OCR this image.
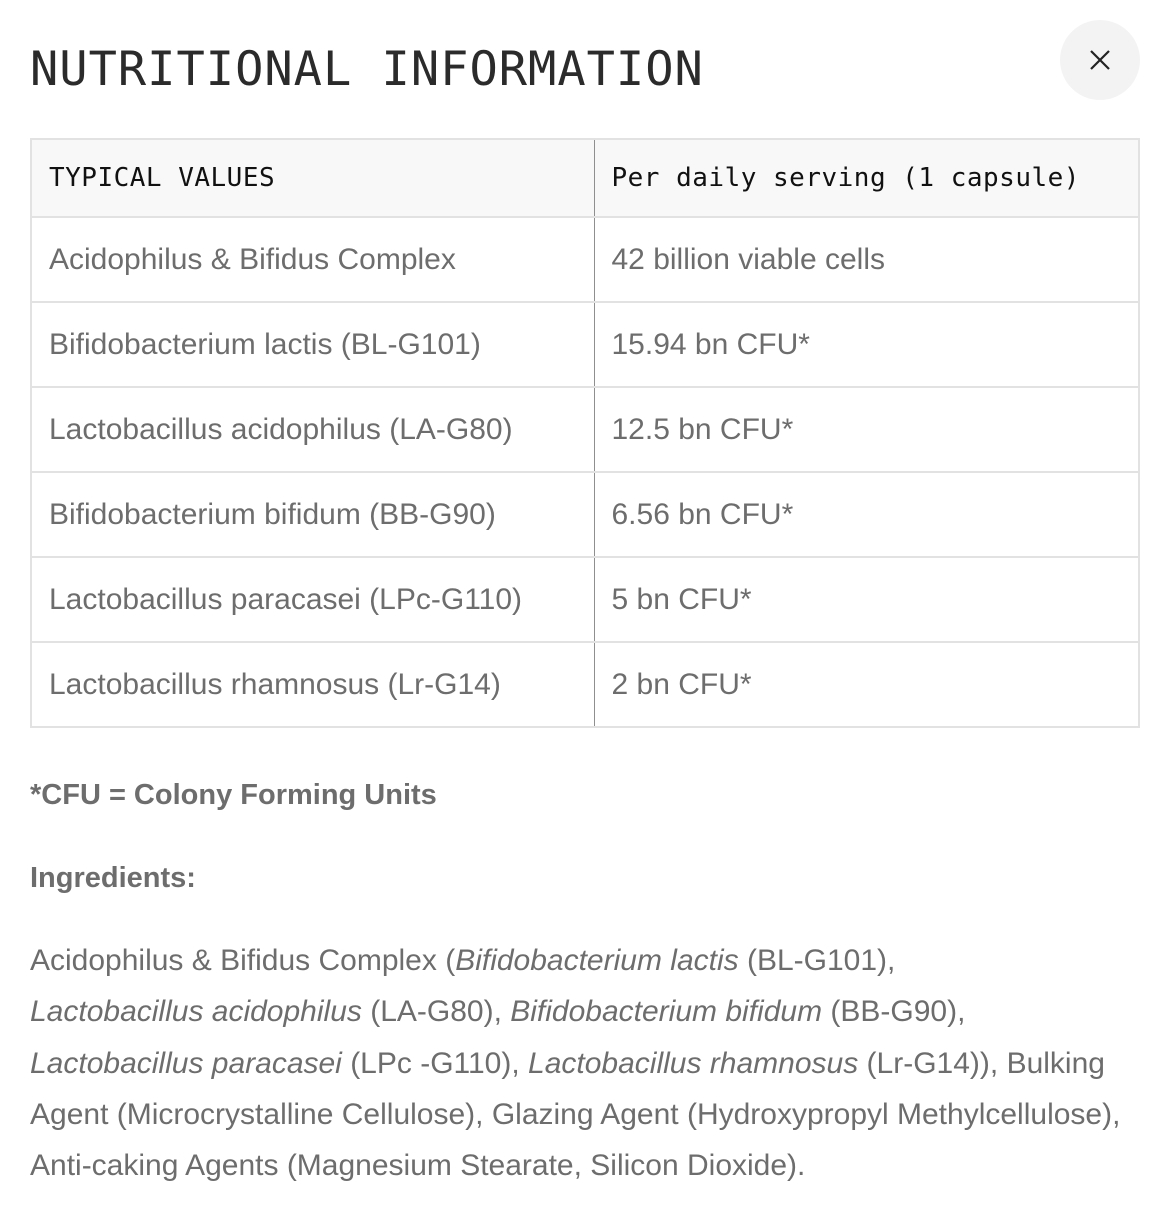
NUTRITIONAL INFORMATION
TYPICAL VALUES	Per daily serving (1 capsule)
Acidophilus & Bifidus Complex	42 billion viable cells
Bifidobacterium lactis (BL-G101)	15.94 bn CFU*
Lactobacillus acidophilus (LA-G80)	12.5 bn CFU*
Bifidobacterium bifidum (BB-G90)	6.56 bn CFU*
Lactobacillus paracasei (LPc-G110)	5 bn CFU*
Lactobacillus rhamnosus (Lr-G14)	2 bn CFU*

*CFU = Colony Forming Units

Ingredients:

Acidophilus & Bifidus Complex (Bifidobacterium lactis (BL-G101),
Lactobacillus acidophilus (LA-G80), Bifidobacterium bifidum (BB-G90),
Lactobacillus paracasei (LPc -G110), Lactobacillus rhamnosus (Lr-G14)), Bulking Agent (Microcrystalline Cellulose), Glazing Agent (Hydroxypropyl Methylcellulose), Anti-caking Agents (Magnesium Stearate, Silicon Dioxide).
